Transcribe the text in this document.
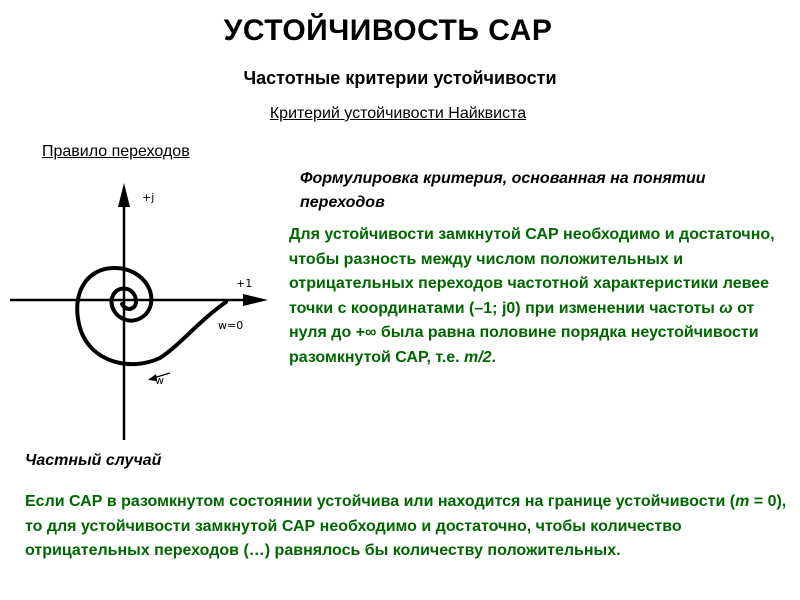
УСТОЙЧИВОСТЬ САР
Частотные критерии устойчивости
Критерий устойчивости Найквиста
Правило переходов
+j
+1
w=0
w
Формулировка критерия, основанная на понятии переходов
Для устойчивости замкнутой САР необходимо и достаточно, чтобы разность между числом положительных и отрицательных переходов частотной характеристики левее точки с координатами (–1; j0) при изменении частоты ω от нуля до +∞ была равна половине порядка неустойчивости разомкнутой САР, т.е. m/2.
Частный случай
Если САР в разомкнутом состоянии устойчива или находится на границе устойчивости (m = 0), то для устойчивости замкнутой САР необходимо и достаточно, чтобы количество отрицательных переходов (…) равнялось бы количеству положительных.
